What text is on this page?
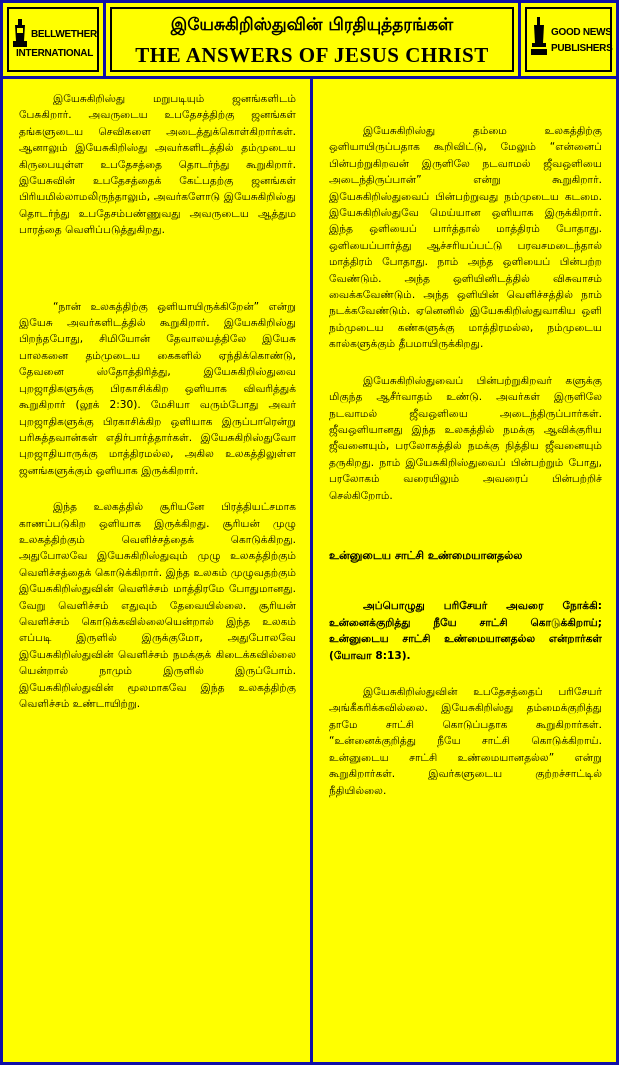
BELLWETHER
INTERNATIONAL
இயேசுகிறிஸ்துவின் பிரதியுத்தரங்கள்
THE ANSWERS OF JESUS CHRIST
GOOD NEWS
PUBLISHERS

இயேசுகிறிஸ்து மறுபடியும் ஜனங்களிடம் பேசுகிறார். அவருடைய உபதேசத்திற்கு ஜனங்கள் தங்களுடைய செவிகளை அடைத்துக்கொள்கிறார்கள். ஆனாலும் இயேசுகிறிஸ்து அவர்களிடத்தில் தம்முடைய கிருபையுள்ள உபதேசத்தை தொடர்ந்து கூறுகிறார். இயேசுவின் உபதேசத்தைக் கேட்பதற்கு ஜனங்கள் பிரியமில்லாமலிருந்தாலும், அவர்களோடு இயேசுகிறிஸ்து தொடர்ந்து உபதேசம்பண்ணுவது அவருடைய ஆத்தும பாரத்தை வெளிப்படுத்துகிறது.

“நான் உலகத்திற்கு ஒளியாயிருக்கிறேன்” என்று இயேசு அவர்களிடத்தில் கூறுகிறார். இயேசுகிறிஸ்து பிறந்தபோது, சிமியோன் தேவாலயத்திலே இயேசு பாலகனை தம்முடைய கைகளில் ஏந்திக்கொண்டு, தேவனை ஸ்தோத்திரித்து, இயேசுகிறிஸ்துவை புறஜாதிகளுக்கு பிரகாசிக்கிற ஒளியாக விவரித்துக் கூறுகிறார் (லூக் 2:30). மேசியா வரும்போது அவர் புறஜாதிகளுக்கு பிரகாசிக்கிற ஒளியாக இருப்பாரென்று பரிசுத்தவான்கள் எதிர்பார்த்தார்கள். இயேசுகிறிஸ்துவோ புறஜாதியாருக்கு மாத்திரமல்ல, அகில உலகத்திலுள்ள ஜனங்களுக்கும் ஒளியாக இருக்கிறார்.

இந்த உலகத்தில் சூரியனே பிரத்தியட்சமாக காணப்படுகிற ஒளியாக இருக்கிறது. சூரியன் முழு உலகத்திற்கும் வெளிச்சத்தைக் கொடுக்கிறது. அதுபோலவே இயேசுகிறிஸ்துவும் முழு உலகத்திற்கும் வெளிச்சத்தைக் கொடுக்கிறார். இந்த உலகம் முழுவதற்கும் இயேசுகிறிஸ்துவின் வெளிச்சம் மாத்திரமே போதுமானது. வேறு வெளிச்சம் எதுவும் தேவையில்லை. சூரியன் வெளிச்சம் கொடுக்கவில்லையென்றால் இந்த உலகம் எப்படி இருளில் இருக்குமோ, அதுபோலவே இயேசுகிறிஸ்துவின் வெளிச்சம் நமக்குக் கிடைக்கவில்லை யென்றால் நாமும் இருளில் இருப்போம். இயேசுகிறிஸ்துவின் மூலமாகவே இந்த உலகத்திற்கு வெளிச்சம் உண்டாயிற்று.

இயேசுகிறிஸ்து தம்மை உலகத்திற்கு ஒளியாயிருப்பதாக கூறிவிட்டு, மேலும் “என்னைப் பின்பற்றுகிறவன் இருளிலே நடவாமல் ஜீவஒளியை அடைந்திருப்பான்” என்று கூறுகிறார். இயேசுகிறிஸ்துவைப் பின்பற்றுவது நம்முடைய கடமை. இயேசுகிறிஸ்துவே மெய்யான ஒளியாக இருக்கிறார். இந்த ஒளியைப் பார்த்தால் மாத்திரம் போதாது. ஒளியைப்பார்த்து ஆச்சரியப்பட்டு பரவசமடைந்தால் மாத்திரம் போதாது. நாம் அந்த ஒளியைப் பின்பற்ற வேண்டும். அந்த ஒளியினிடத்தில் விசுவாசம் வைக்கவேண்டும். அந்த ஒளியின் வெளிச்சத்தில் நாம் நடக்கவேண்டும். ஏனெனில் இயேசுகிறிஸ்துவாகிய ஒளி நம்முடைய கண்களுக்கு மாத்திரமல்ல, நம்முடைய கால்களுக்கும் தீபமாயிருக்கிறது.

இயேசுகிறிஸ்துவைப் பின்பற்றுகிறவர் களுக்கு மிகுந்த ஆசீர்வாதம் உண்டு. அவர்கள் இருளிலே நடவாமல் ஜீவஒளியை அடைந்திருப்பார்கள். ஜீவஒளியானது இந்த உலகத்தில் நமக்கு ஆவிக்குரிய ஜீவனையும், பரலோகத்தில் நமக்கு நித்திய ஜீவனையும் தருகிறது. நாம் இயேசுகிறிஸ்துவைப் பின்பற்றும் போது, பரலோகம் வரையிலும் அவரைப் பின்பற்றிச் செல்கிறோம்.

உன்னுடைய சாட்சி உண்மையானதல்ல

அப்பொழுது பரிசேயர் அவரை நோக்கி: உன்னைக்குறித்து நீயே சாட்சி கொடுக்கிறாய்; உன்னுடைய சாட்சி உண்மையானதல்ல என்றார்கள் (யோவா 8:13).

இயேசுகிறிஸ்துவின் உபதேசத்தைப் பரிசேயர் அங்கீகரிக்கவில்லை. இயேசுகிறிஸ்து தம்மைக்குறித்து தாமே சாட்சி கொடுப்பதாக கூறுகிறார்கள். “உன்னைக்குறித்து நீயே சாட்சி கொடுக்கிறாய். உன்னுடைய சாட்சி உண்மையானதல்ல” என்று கூறுகிறார்கள். இவர்களுடைய குற்றச்சாட்டில் நீதியில்லை.
